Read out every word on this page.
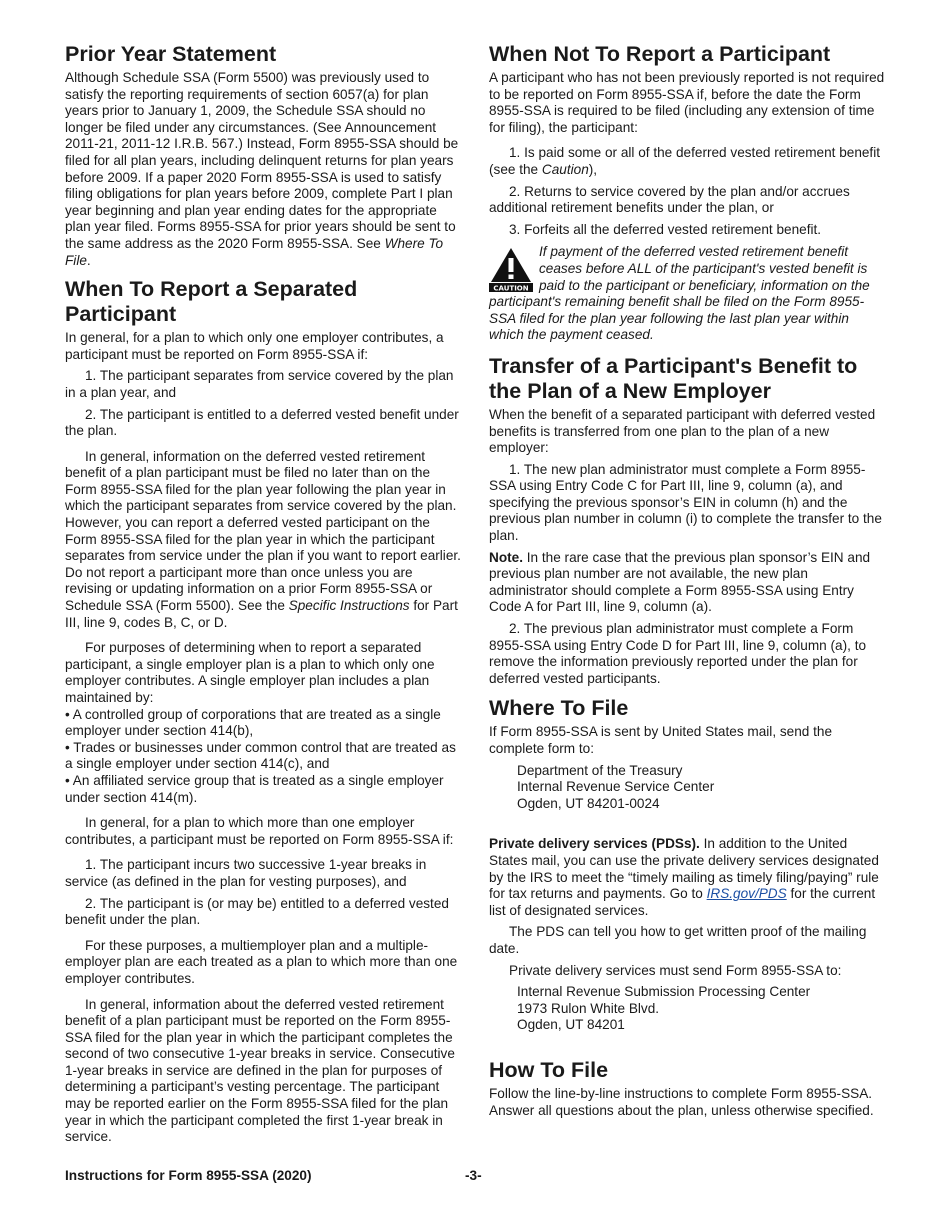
Prior Year Statement

Although Schedule SSA (Form 5500) was previously used to satisfy the reporting requirements of section 6057(a) for plan years prior to January 1, 2009, the Schedule SSA should no longer be filed under any circumstances. (See Announcement 2011-21, 2011-12 I.R.B. 567.) Instead, Form 8955-SSA should be filed for all plan years, including delinquent returns for plan years before 2009. If a paper 2020 Form 8955-SSA is used to satisfy filing obligations for plan years before 2009, complete Part I plan year beginning and plan year ending dates for the appropriate plan year filed. Forms 8955-SSA for prior years should be sent to the same address as the 2020 Form 8955-SSA. See Where To File.

When To Report a Separated Participant

In general, for a plan to which only one employer contributes, a participant must be reported on Form 8955-SSA if:

1. The participant separates from service covered by the plan in a plan year, and

2. The participant is entitled to a deferred vested benefit under the plan.

In general, information on the deferred vested retirement benefit of a plan participant must be filed no later than on the Form 8955-SSA filed for the plan year following the plan year in which the participant separates from service covered by the plan. However, you can report a deferred vested participant on the Form 8955-SSA filed for the plan year in which the participant separates from service under the plan if you want to report earlier. Do not report a participant more than once unless you are revising or updating information on a prior Form 8955-SSA or Schedule SSA (Form 5500). See the Specific Instructions for Part III, line 9, codes B, C, or D.

For purposes of determining when to report a separated participant, a single employer plan is a plan to which only one employer contributes. A single employer plan includes a plan maintained by:

• A controlled group of corporations that are treated as a single employer under section 414(b),

• Trades or businesses under common control that are treated as a single employer under section 414(c), and

• An affiliated service group that is treated as a single employer under section 414(m).

In general, for a plan to which more than one employer contributes, a participant must be reported on Form 8955-SSA if:

1. The participant incurs two successive 1-year breaks in service (as defined in the plan for vesting purposes), and

2. The participant is (or may be) entitled to a deferred vested benefit under the plan.

For these purposes, a multiemployer plan and a multiple-employer plan are each treated as a plan to which more than one employer contributes.

In general, information about the deferred vested retirement benefit of a plan participant must be reported on the Form 8955-SSA filed for the plan year in which the participant completes the second of two consecutive 1-year breaks in service. Consecutive 1-year breaks in service are defined in the plan for purposes of determining a participant’s vesting percentage. The participant may be reported earlier on the Form 8955-SSA filed for the plan year in which the participant completed the first 1-year break in service.

When Not To Report a Participant

A participant who has not been previously reported is not required to be reported on Form 8955-SSA if, before the date the Form 8955-SSA is required to be filed (including any extension of time for filing), the participant:

1. Is paid some or all of the deferred vested retirement benefit (see the Caution),

2. Returns to service covered by the plan and/or accrues additional retirement benefits under the plan, or

3. Forfeits all the deferred vested retirement benefit.

CAUTION

If payment of the deferred vested retirement benefit ceases before ALL of the participant's vested benefit is paid to the participant or beneficiary, information on the participant's remaining benefit shall be filed on the Form 8955-SSA filed for the plan year following the last plan year within which the payment ceased.

Transfer of a Participant's Benefit to the Plan of a New Employer

When the benefit of a separated participant with deferred vested benefits is transferred from one plan to the plan of a new employer:

1. The new plan administrator must complete a Form 8955-SSA using Entry Code C for Part III, line 9, column (a), and specifying the previous sponsor’s EIN in column (h) and the previous plan number in column (i) to complete the transfer to the plan.

Note. In the rare case that the previous plan sponsor’s EIN and previous plan number are not available, the new plan administrator should complete a Form 8955-SSA using Entry Code A for Part III, line 9, column (a).

2. The previous plan administrator must complete a Form 8955-SSA using Entry Code D for Part III, line 9, column (a), to remove the information previously reported under the plan for deferred vested participants.

Where To File

If Form 8955-SSA is sent by United States mail, send the complete form to:

Department of the Treasury
Internal Revenue Service Center
Ogden, UT 84201-0024

Private delivery services (PDSs). In addition to the United States mail, you can use the private delivery services designated by the IRS to meet the “timely mailing as timely filing/paying” rule for tax returns and payments. Go to IRS.gov/PDS for the current list of designated services.

The PDS can tell you how to get written proof of the mailing date.

Private delivery services must send Form 8955-SSA to:

Internal Revenue Submission Processing Center
1973 Rulon White Blvd.
Ogden, UT 84201
How To File

Follow the line-by-line instructions to complete Form 8955-SSA. Answer all questions about the plan, unless otherwise specified.

Instructions for Form 8955-SSA (2020)	-3-
